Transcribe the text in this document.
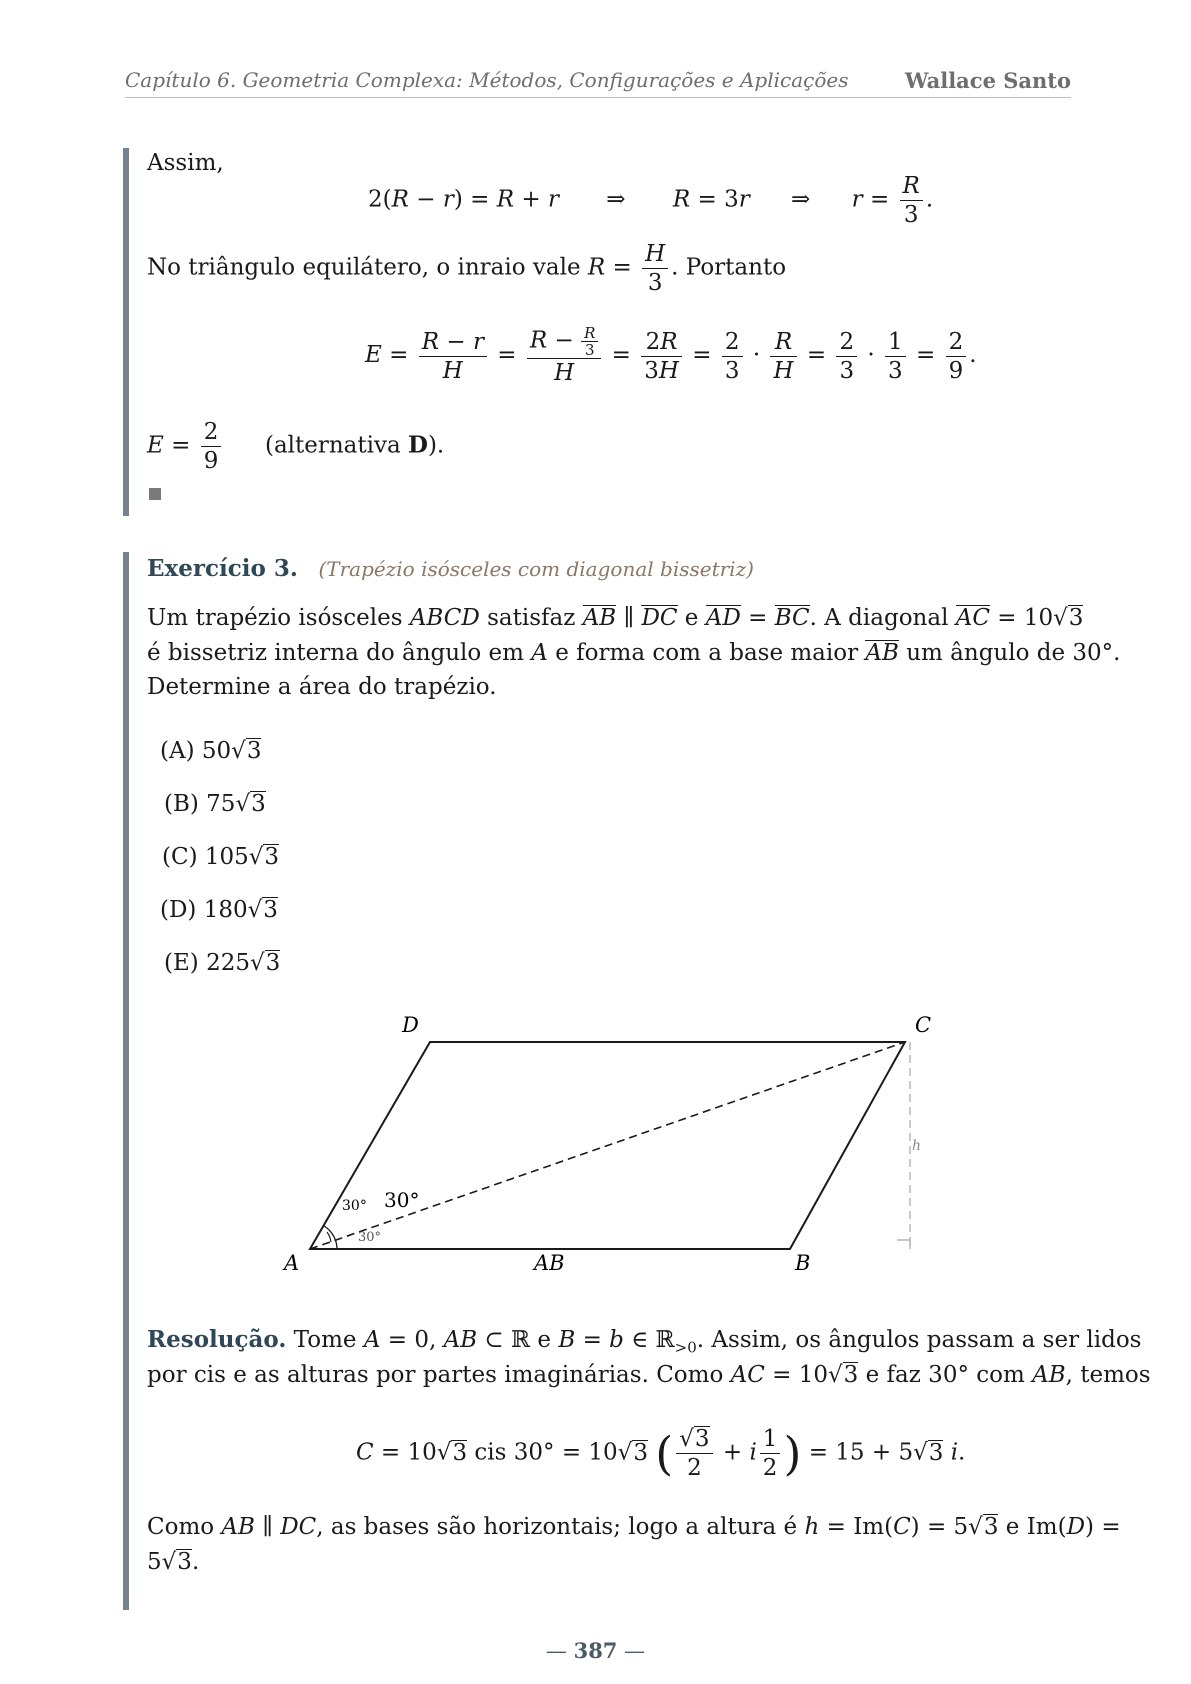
Capítulo 6. Geometria Complexa: Métodos, Configurações e Aplicações	Wallace Santo
Assim,
2(R − r) = R + r ⇒ R = 3r ⇒ $r = \frac{R}{3}$ .
No triângulo equilátero, o inraio vale $R = \frac{H}{3}$ . Portanto
$E = \frac{R - r}{H} = \frac{R - \frac{R}{3}}{H} = \frac{2R}{3H} = \frac{2}{3} \cdot \frac{R}{H} = \frac{2}{3} \cdot \frac{1}{3} = \frac{2}{9}$ .
$E = \frac{2}{9}$ (alternativa D).
Exercício 3. (Trapézio isósceles com diagonal bissetriz)
Um trapézio isósceles ABCD satisfaz AB ∥ DC e AD = BC. A diagonal AC = 10√3
é bissetriz interna do ângulo em A e forma com a base maior AB um ângulo de 30°.
Determine a área do trapézio.
(A) 50√3
(B) 75√3
(C) 105√3
(D) 180√3
(E) 225√3
A	B
C
D
AB
h
30° 30°
30°
Resolução. Tome A = 0, AB ⊂ ℝ e B = b ∈ ℝ$_{>0}$. Assim, os ângulos passam a ser lidos
por cis e as alturas por partes imaginárias. Como AC = 10√3 e faz 30° com AB, temos
C = 10√3 cis 30° = 10√3 ( $\frac{√3}{2} + i \frac{1}{2}$ ) = 15 + 5√3 i.
Como AB ∥ DC, as bases são horizontais; logo a altura é h = Im(C) = 5√3 e Im(D) =
5√3.
— 387 —
